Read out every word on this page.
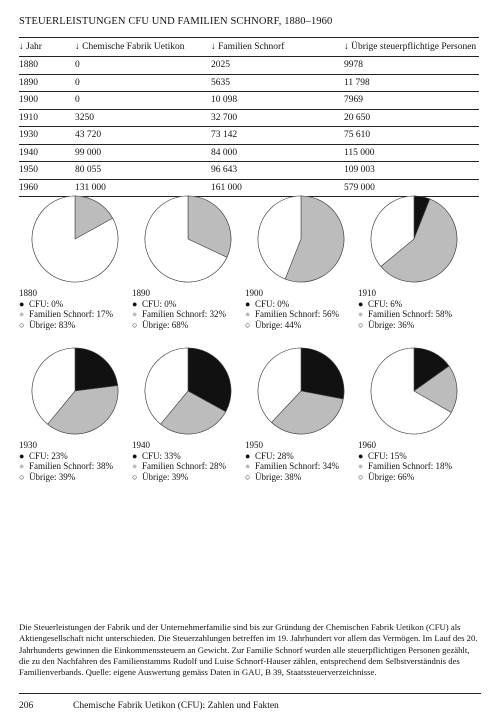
STEUERLEISTUNGEN CFU UND FAMILIEN SCHNORF, 1880–1960
↓ Jahr	↓ Chemische Fabrik Uetikon	↓ Familien Schnorf	↓ Übrige steuerpflichtige Personen
1880	0	2025	9978
1890	0	5635	11 798
1900	0	10 098	7969
1910	3250	32 700	20 650
1930	43 720	73 142	75 610
1940	99 000	84 000	115 000
1950	80 055	96 643	109 003
1960	131 000	161 000	579 000
1880
● CFU: 0%
● Familien Schnorf: 17%
○ Übrige: 83%
1890
● CFU: 0%
● Familien Schnorf: 32%
○ Übrige: 68%
1900
● CFU: 0%
● Familien Schnorf: 56%
○ Übrige: 44%
1910
● CFU: 6%
● Familien Schnorf: 58%
○ Übrige: 36%
1930
● CFU: 23%
● Familien Schnorf: 38%
○ Übrige: 39%
1940
● CFU: 33%
● Familien Schnorf: 28%
○ Übrige: 39%
1950
● CFU: 28%
● Familien Schnorf: 34%
○ Übrige: 38%
1960
● CFU: 15%
● Familien Schnorf: 18%
○ Übrige: 66%
Die Steuerleistungen der Fabrik und der Unternehmerfamilie sind bis zur Gründung der Chemischen Fabrik Uetikon (CFU) als Aktiengesellschaft nicht unterschieden. Die Steuerzahlungen betreffen im 19. Jahrhundert vor allem das Vermögen. Im Lauf des 20. Jahrhunderts gewinnen die Einkommenssteuern an Gewicht. Zur Familie Schnorf wurden alle steuerpflichtigen Personen gezählt, die zu den Nachfahren des Familienstamms Rudolf und Luise Schnorf-Hauser zählen, entsprechend dem Selbstverständnis des Familienverbands. Quelle: eigene Auswertung gemäss Daten in GAU, B 39, Staatssteuerverzeichnisse.
206	Chemische Fabrik Uetikon (CFU): Zahlen und Fakten
